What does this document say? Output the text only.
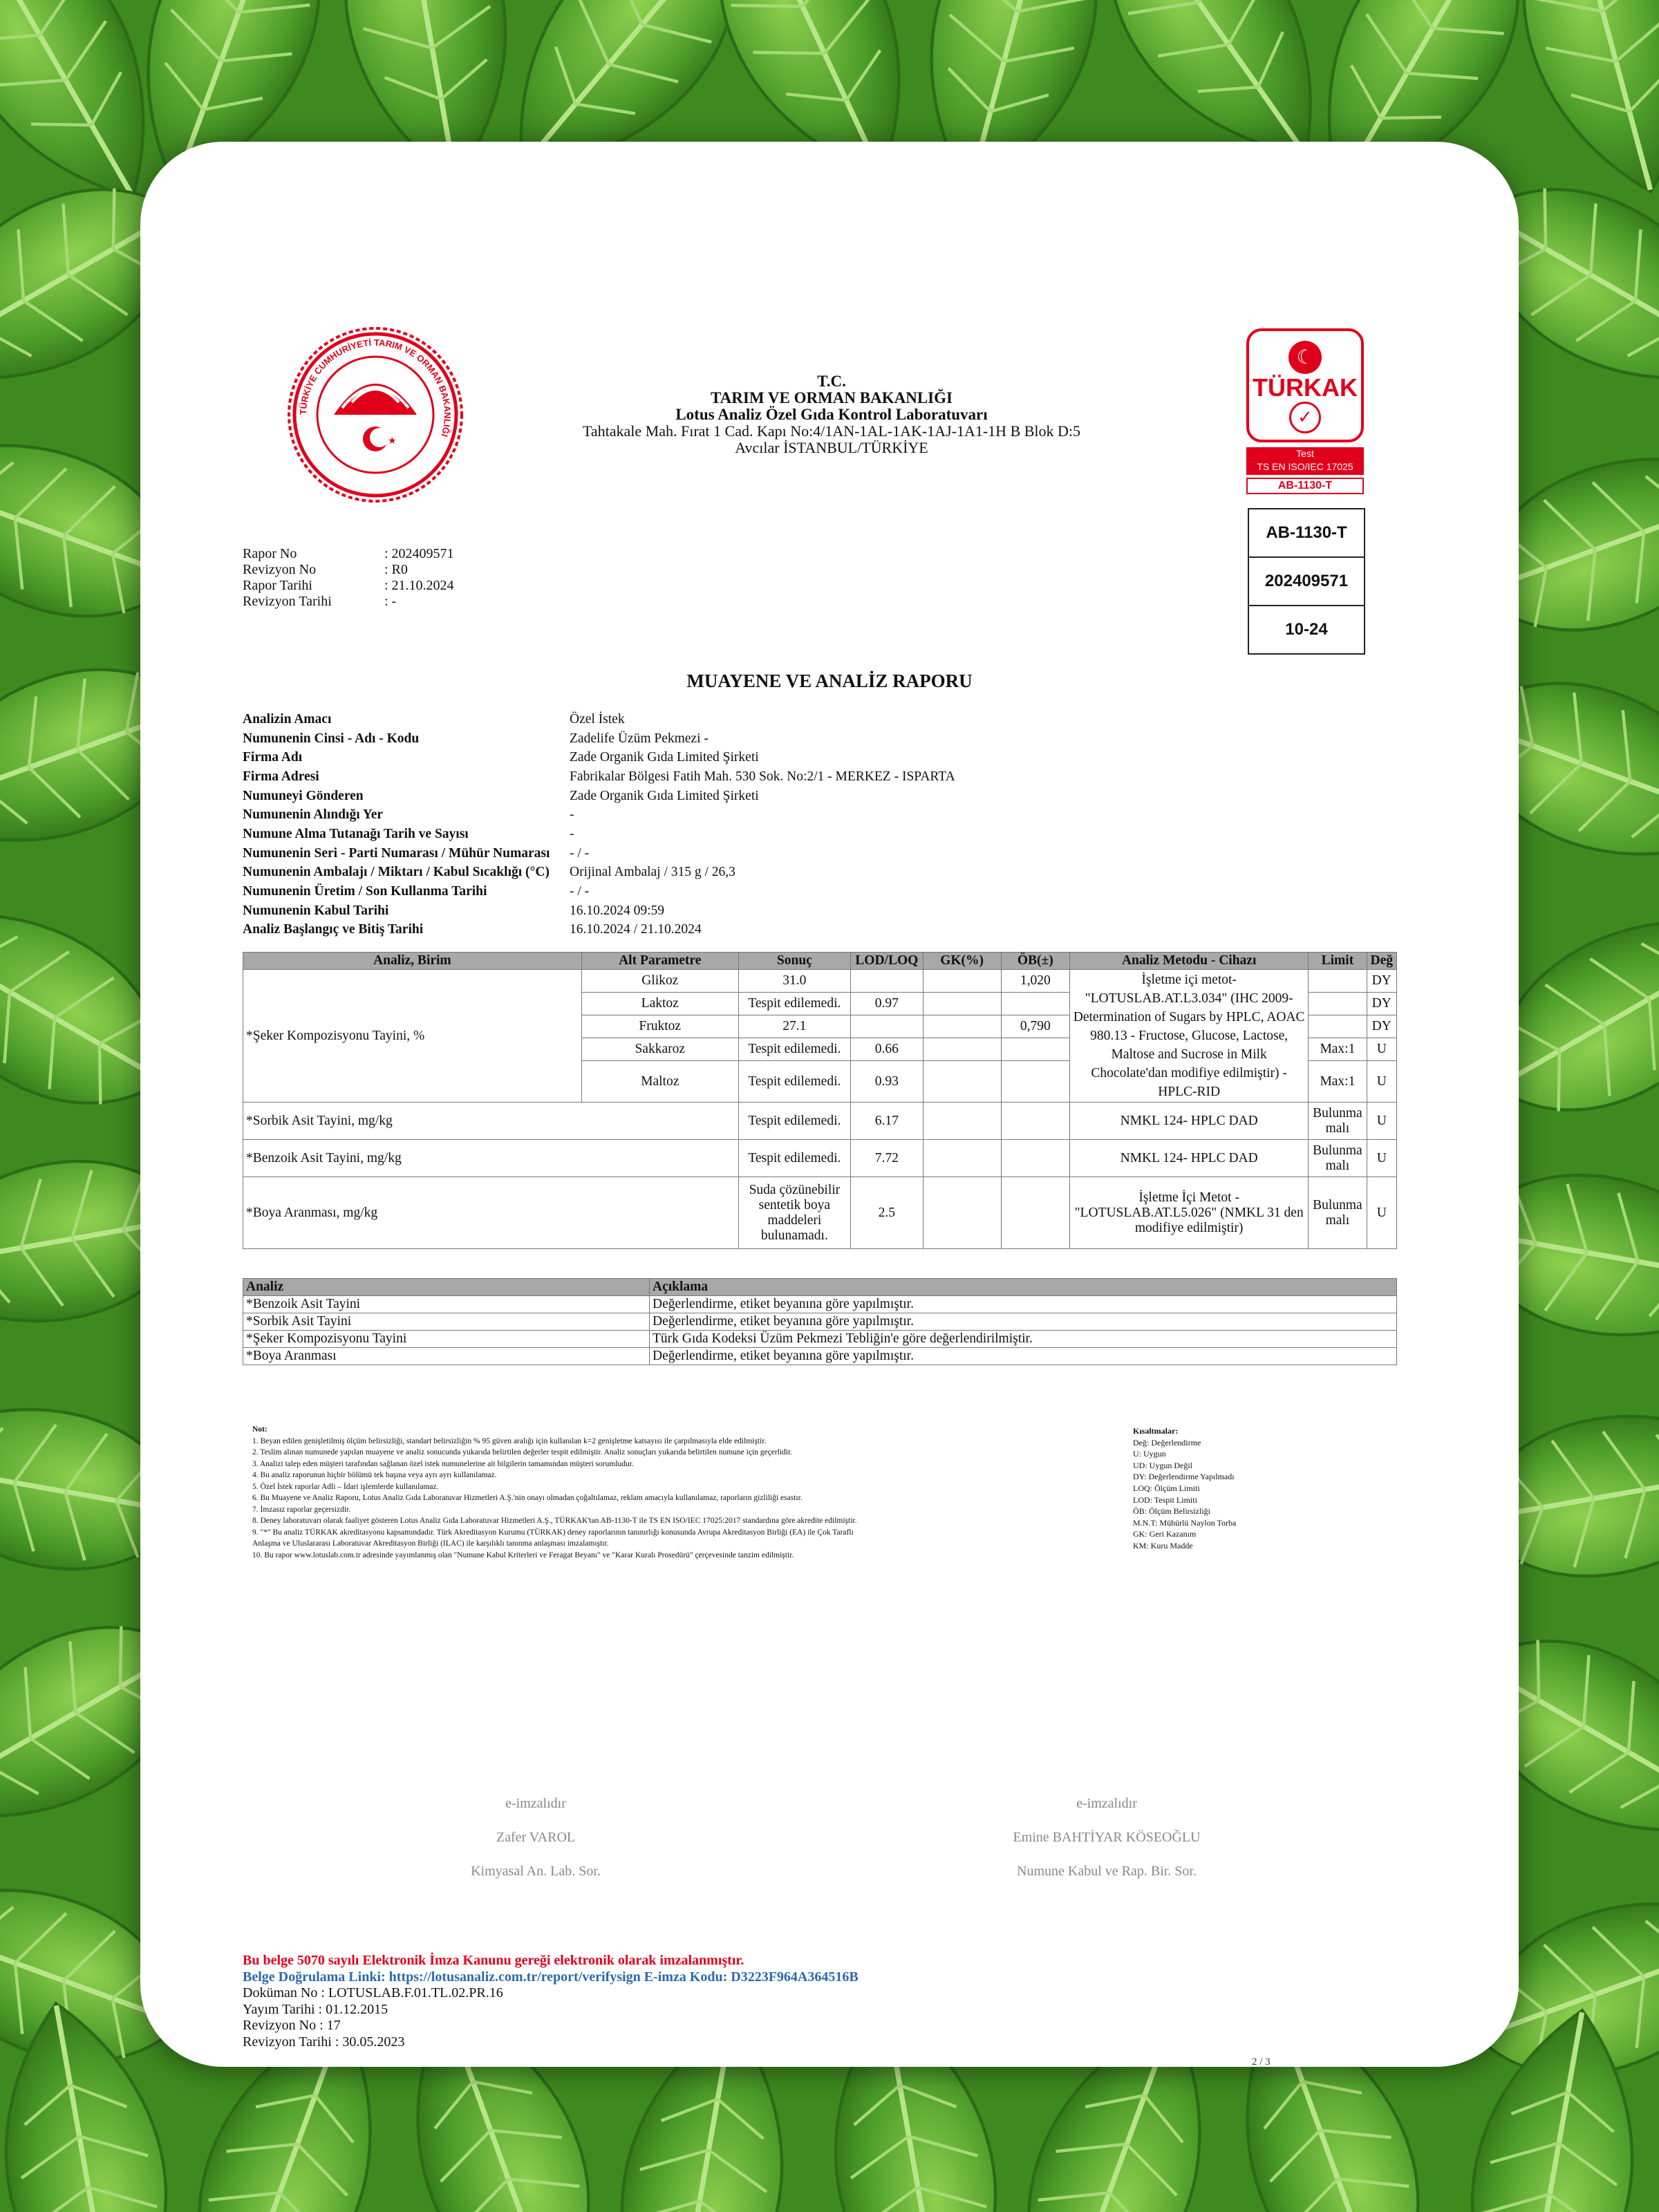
TÜRKİYE CUMHURİYETİ TARIM VE ORMAN BAKANLIĞI
★
T.C.
TARIM VE ORMAN BAKANLIĞI
Lotus Analiz Özel Gıda Kontrol Laboratuvarı
Tahtakale Mah. Fırat 1 Cad. Kapı No:4/1AN-1AL-1AK-1AJ-1A1-1H B Blok D:5
Avcılar İSTANBUL/TÜRKİYE
☾
TÜRKAK
✓
Test
TS EN ISO/IEC 17025
AB-1130-T
AB-1130-T
202409571
10-24
Rapor No	: 202409571
Revizyon No	: R0
Rapor Tarihi	: 21.10.2024
Revizyon Tarihi	: -
MUAYENE VE ANALİZ RAPORU
Analizin Amacı	Özel İstek
Numunenin Cinsi - Adı - Kodu	Zadelife Üzüm Pekmezi -
Firma Adı	Zade Organik Gıda Limited Şirketi
Firma Adresi	Fabrikalar Bölgesi Fatih Mah. 530 Sok. No:2/1 - MERKEZ - ISPARTA
Numuneyi Gönderen	Zade Organik Gıda Limited Şirketi
Numunenin Alındığı Yer	-
Numune Alma Tutanağı Tarih ve Sayısı	-
Numunenin Seri - Parti Numarası / Mühür Numarası	- / -
Numunenin Ambalajı / Miktarı / Kabul Sıcaklığı (°C)	Orijinal Ambalaj / 315 g / 26,3
Numunenin Üretim / Son Kullanma Tarihi	- / -
Numunenin Kabul Tarihi	16.10.2024 09:59
Analiz Başlangıç ve Bitiş Tarihi	16.10.2024 / 21.10.2024
Analiz, Birim	Alt Parametre	Sonuç	LOD/LOQ	GK(%)	ÖB(±)	Analiz Metodu - Cihazı	Limit	Değ
*Şeker Kompozisyonu Tayini, %	Glikoz	31.0			1,020	İşletme içi metot- "LOTUSLAB.AT.L3.034" (IHC 2009- Determination of Sugars by HPLC, AOAC 980.13 - Fructose, Glucose, Lactose, Maltose and Sucrose in Milk Chocolate'dan modifiye edilmiştir) - HPLC-RID		DY
	Laktoz	Tespit edilemedi.	0.97					DY
	Fruktoz	27.1			0,790			DY
	Sakkaroz	Tespit edilemedi.	0.66				Max:1	U
	Maltoz	Tespit edilemedi.	0.93				Max:1	U
*Sorbik Asit Tayini, mg/kg		Tespit edilemedi.	6.17			NMKL 124- HPLC DAD	Bulunma malı	U
*Benzoik Asit Tayini, mg/kg		Tespit edilemedi.	7.72			NMKL 124- HPLC DAD	Bulunma malı	U
*Boya Aranması, mg/kg		Suda çözünebilir sentetik boya maddeleri bulunamadı.	2.5			İşletme İçi Metot - "LOTUSLAB.AT.L5.026" (NMKL 31 den modifiye edilmiştir)	Bulunma malı	U
Analiz	Açıklama
*Benzoik Asit Tayini	Değerlendirme, etiket beyanına göre yapılmıştır.
*Sorbik Asit Tayini	Değerlendirme, etiket beyanına göre yapılmıştır.
*Şeker Kompozisyonu Tayini	Türk Gıda Kodeksi Üzüm Pekmezi Tebliğin'e göre değerlendirilmiştir.
*Boya Aranması	Değerlendirme, etiket beyanına göre yapılmıştır.
Not:
1. Beyan edilen genişletilmiş ölçüm belirsizliği, standart belirsizliğin % 95 güven aralığı için kullanılan k=2 genişletme katsayısı ile çarpılmasıyla elde edilmiştir.
2. Teslim alınan numunede yapılan muayene ve analiz sonucunda yukarıda belirtilen değerler tespit edilmiştir. Analiz sonuçları yukarıda belirtilen numune için geçerlidir.
3. Analizi talep eden müşteri tarafından sağlanan özel istek numunelerine ait bilgilerin tamamından müşteri sorumludur.
4. Bu analiz raporunun hiçbir bölümü tek başına veya ayrı ayrı kullanılamaz.
5. Özel İstek raporlar Adli – İdari işlemlerde kullanılamaz.
6. Bu Muayene ve Analiz Raporu, Lotus Analiz Gıda Laboratuvar Hizmetleri A.Ş.'nin onayı olmadan çoğaltılamaz, reklam amacıyla kullanılamaz, raporların gizliliği esastır.
7. İmzasız raporlar geçersizdir.
8. Deney laboratuvarı olarak faaliyet gösteren Lotus Analiz Gıda Laboratuvar Hizmetleri A.Ş., TÜRKAK'tan AB-1130-T ile TS EN ISO/IEC 17025:2017 standardına göre akredite edilmiştir.
9. "*" Bu analiz TÜRKAK akreditasyonu kapsamındadır. Türk Akreditasyon Kurumu (TÜRKAK) deney raporlarının tanınırlığı konusunda Avrupa Akreditasyon Birliği (EA) ile Çok Taraflı
Anlaşma ve Uluslararası Laboratuvar Akreditasyon Birliği (ILAC) ile karşılıklı tanınma anlaşması imzalamıştır.
10. Bu rapor www.lotuslab.com.tr adresinde yayımlanmış olan "Numune Kabul Kriterleri ve Feragat Beyanı" ve "Karar Kuralı Prosedürü" çerçevesinde tanzim edilmiştir.
Kısaltmalar:
Değ: Değerlendirme
U: Uygun
UD: Uygun Değil
DY: Değerlendirme Yapılmadı
LOQ: Ölçüm Limiti
LOD: Tespit Limiti
ÖB: Ölçüm Belirsizliği
M.N.T: Mühürlü Naylon Torba
GK: Geri Kazanım
KM: Kuru Madde
e-imzalıdır
Zafer VAROL
Kimyasal An. Lab. Sor.
e-imzalıdır
Emine BAHTİYAR KÖSEOĞLU
Numune Kabul ve Rap. Bir. Sor.
Bu belge 5070 sayılı Elektronik İmza Kanunu gereği elektronik olarak imzalanmıştır.
Belge Doğrulama Linki: https://lotusanaliz.com.tr/report/verifysign E-imza Kodu: D3223F964A364516B
Doküman No : LOTUSLAB.F.01.TL.02.PR.16
Yayım Tarihi : 01.12.2015
Revizyon No : 17
Revizyon Tarihi : 30.05.2023
2 / 3
